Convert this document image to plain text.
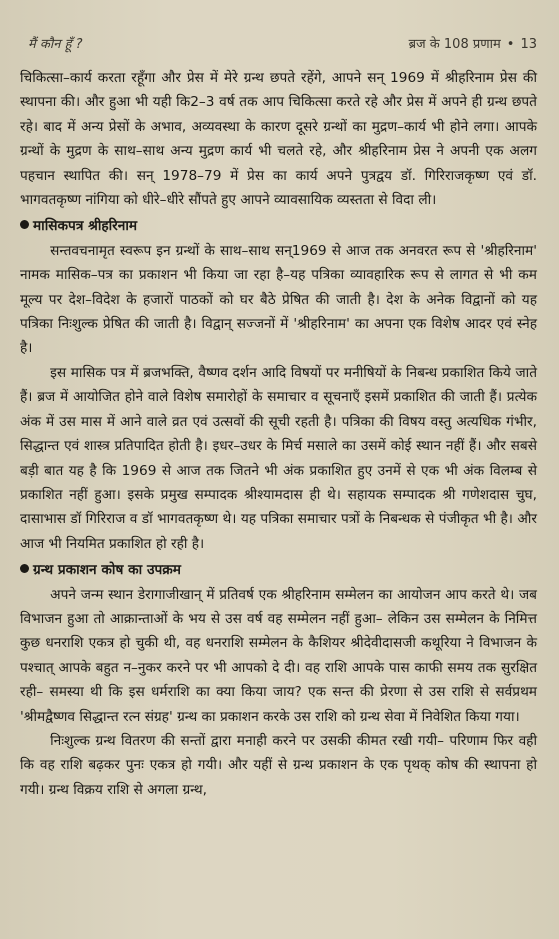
मैं कौन हूँ ?	ब्रज के 108 प्रणाम • 13

चिकित्सा–कार्य करता रहूँगा और प्रेस में मेरे ग्रन्थ छपते रहेंगे, आपने सन् 1969 में श्रीहरिनाम प्रेस की स्थापना की। और हुआ भी यही कि2–3 वर्ष तक आप चिकित्सा करते रहे और प्रेस में अपने ही ग्रन्थ छपते रहे। बाद में अन्य प्रेसों के अभाव, अव्यवस्था के कारण दूसरे ग्रन्थों का मुद्रण–कार्य भी होने लगा। आपके ग्रन्थों के मुद्रण के साथ–साथ अन्य मुद्रण कार्य भी चलते रहे, और श्रीहरिनाम प्रेस ने अपनी एक अलग पहचान स्थापित की। सन् 1978–79 में प्रेस का कार्य अपने पुत्रद्वय डॉ. गिरिराजकृष्ण एवं डॉ. भागवतकृष्ण नांगिया को धीरे–धीरे सौंपते हुए आपने व्यावसायिक व्यस्तता से विदा ली।

मासिकपत्र श्रीहरिनाम

सन्तवचनामृत स्वरूप इन ग्रन्थों के साथ–साथ सन्1969 से आज तक अनवरत रूप से 'श्रीहरिनाम' नामक मासिक–पत्र का प्रकाशन भी किया जा रहा है–यह पत्रिका व्यावहारिक रूप से लागत से भी कम मूल्य पर देश–विदेश के हजारों पाठकों को घर बैठे प्रेषित की जाती है। देश के अनेक विद्वानों को यह पत्रिका निःशुल्क प्रेषित की जाती है। विद्वान् सज्जनों में 'श्रीहरिनाम' का अपना एक विशेष आदर एवं स्नेह है।

इस मासिक पत्र में ब्रजभक्ति, वैष्णव दर्शन आदि विषयों पर मनीषियों के निबन्ध प्रकाशित किये जाते हैं। ब्रज में आयोजित होने वाले विशेष समारोहों के समाचार व सूचनाएँ इसमें प्रकाशित की जाती हैं। प्रत्येक अंक में उस मास में आने वाले व्रत एवं उत्सवों की सूची रहती है। पत्रिका की विषय वस्तु अत्यधिक गंभीर, सिद्धान्त एवं शास्त्र प्रतिपादित होती है। इधर–उधर के मिर्च मसाले का उसमें कोई स्थान नहीं हैं। और सबसे बड़ी बात यह है कि 1969 से आज तक जितने भी अंक प्रकाशित हुए उनमें से एक भी अंक विलम्ब से प्रकाशित नहीं हुआ। इसके प्रमुख सम्पादक श्रीश्यामदास ही थे। सहायक सम्पादक श्री गणेशदास चुघ, दासाभास डॉ गिरिराज व डॉ भागवतकृष्ण थे। यह पत्रिका समाचार पत्रों के निबन्धक से पंजीकृत भी है। और आज भी नियमित प्रकाशित हो रही है।

ग्रन्थ प्रकाशन कोष का उपक्रम

अपने जन्म स्थान डेरागाजीखान् में प्रतिवर्ष एक श्रीहरिनाम सम्मेलन का आयोजन आप करते थे। जब विभाजन हुआ तो आक्रान्ताओं के भय से उस वर्ष वह सम्मेलन नहीं हुआ– लेकिन उस सम्मेलन के निमित्त कुछ धनराशि एकत्र हो चुकी थी, वह धनराशि सम्मेलन के कैशियर श्रीदेवीदासजी कथूरिया ने विभाजन के पश्चात् आपके बहुत न–नुकर करने पर भी आपको दे दी। वह राशि आपके पास काफी समय तक सुरक्षित रही– समस्या थी कि इस धर्मराशि का क्या किया जाय? एक सन्त की प्रेरणा से उस राशि से सर्वप्रथम 'श्रीमद्वैष्णव सिद्धान्त रत्न संग्रह' ग्रन्थ का प्रकाशन करके उस राशि को ग्रन्थ सेवा में निवेशित किया गया।

निःशुल्क ग्रन्थ वितरण की सन्तों द्वारा मनाही करने पर उसकी कीमत रखी गयी– परिणाम फिर वही कि वह राशि बढ़कर पुनः एकत्र हो गयी। और यहीं से ग्रन्थ प्रकाशन के एक पृथक् कोष की स्थापना हो गयी। ग्रन्थ विक्रय राशि से अगला ग्रन्थ,
